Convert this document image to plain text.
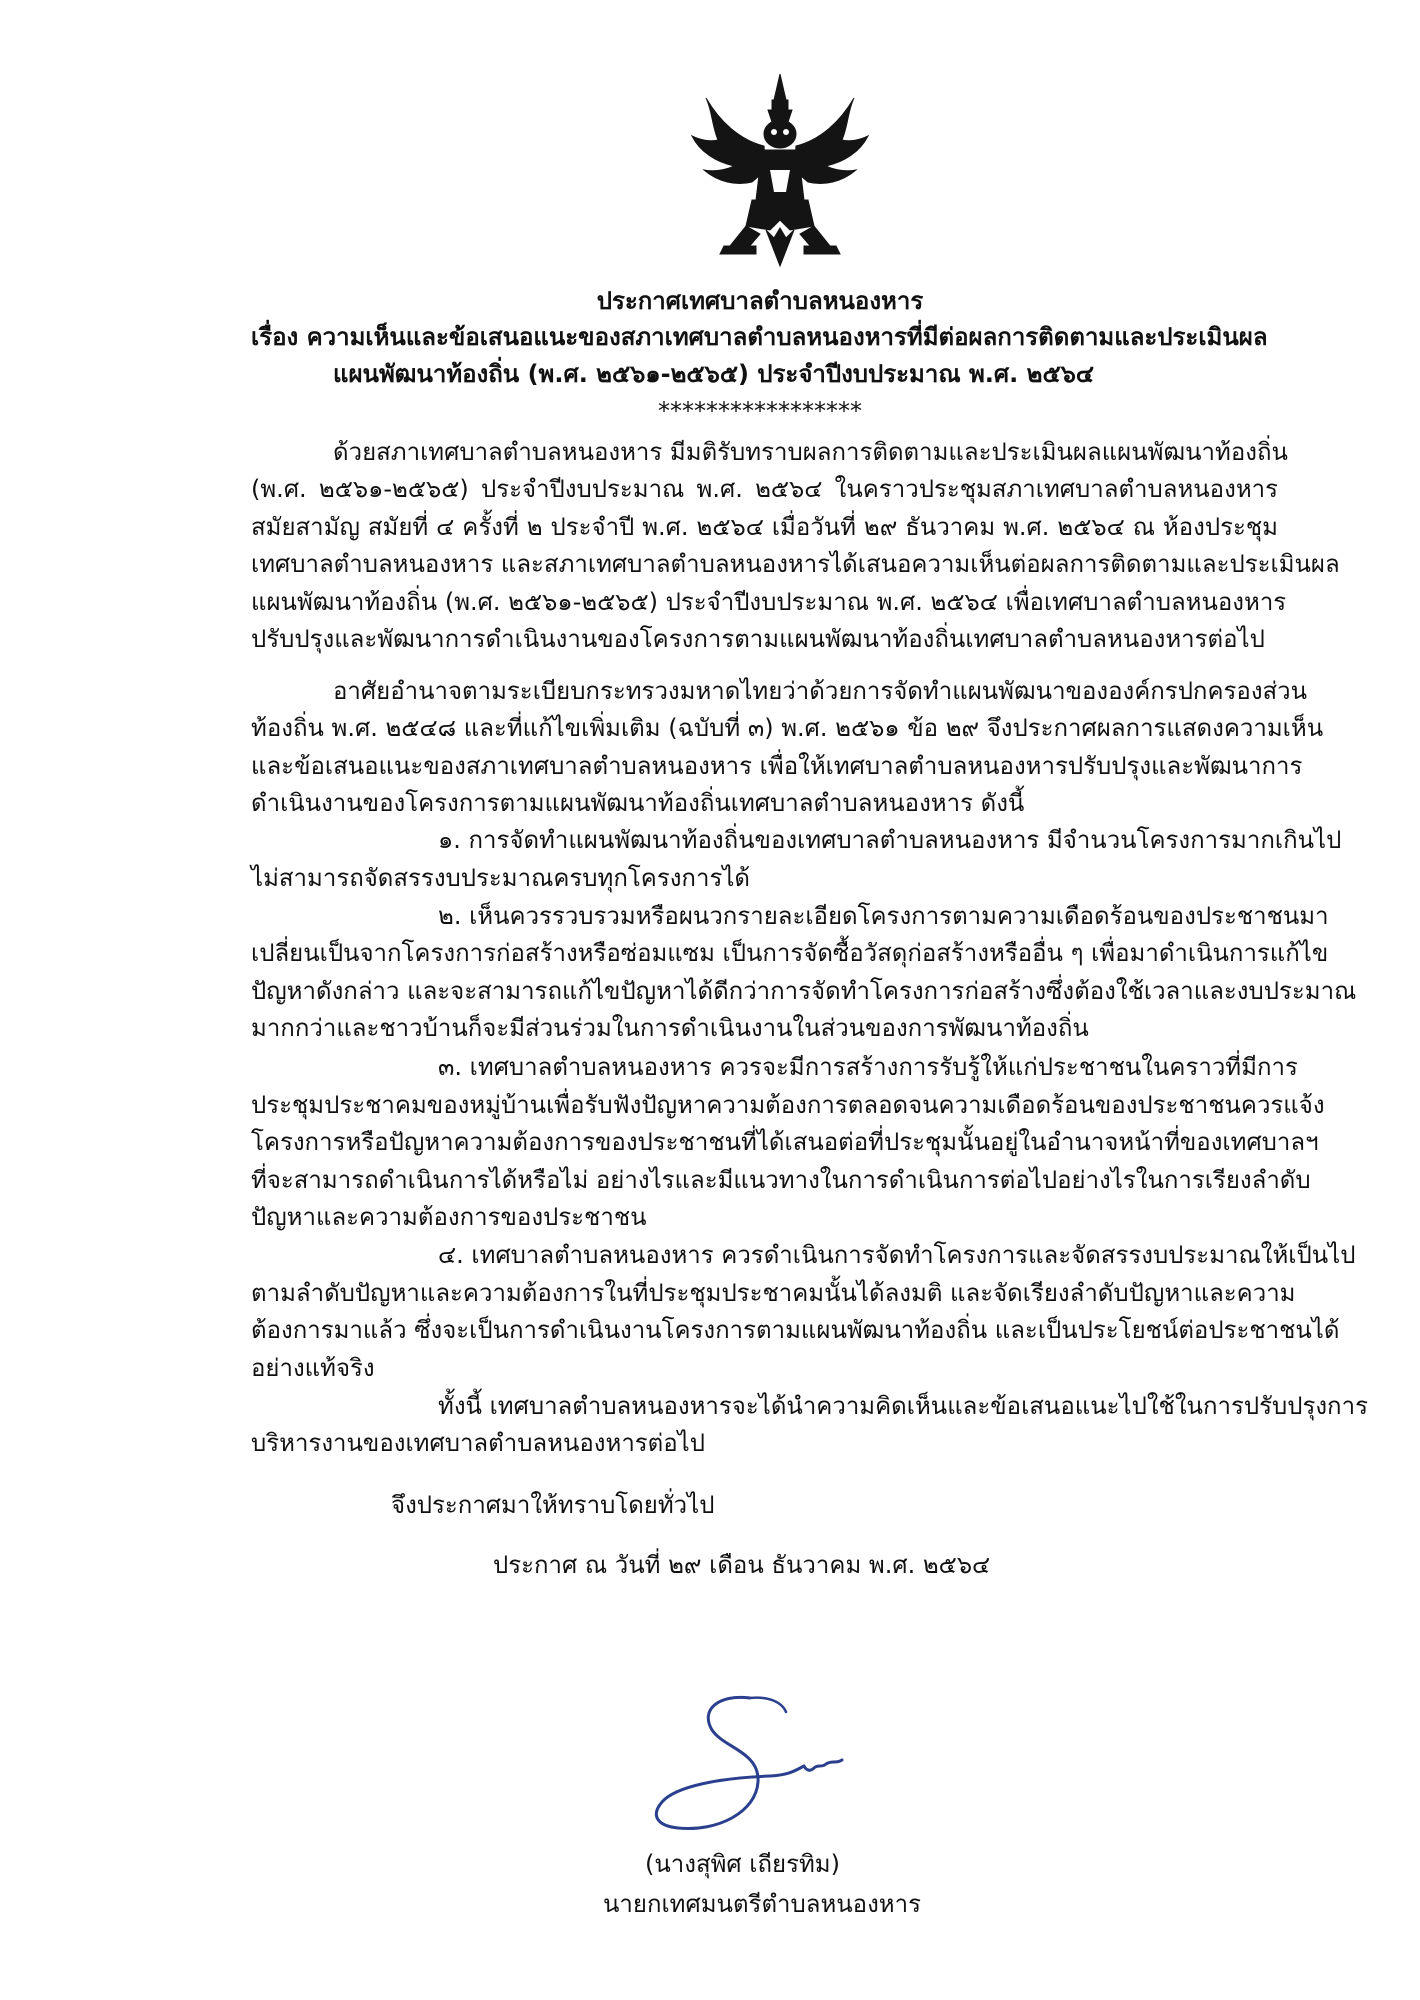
ประกาศเทศบาลตำบลหนองหาร
เรื่อง ความเห็นและข้อเสนอแนะของสภาเทศบาลตำบลหนองหารที่มีต่อผลการติดตามและประเมินผล
แผนพัฒนาท้องถิ่น (พ.ศ. ๒๕๖๑-๒๕๖๕) ประจำปีงบประมาณ พ.ศ. ๒๕๖๔
*****************
ด้วยสภาเทศบาลตำบลหนองหาร มีมติรับทราบผลการติดตามและประเมินผลแผนพัฒนาท้องถิ่น
(พ.ศ. ๒๕๖๑-๒๕๖๕) ประจำปีงบประมาณ พ.ศ. ๒๕๖๔ ในคราวประชุมสภาเทศบาลตำบลหนองหาร
สมัยสามัญ สมัยที่ ๔ ครั้งที่ ๒ ประจำปี พ.ศ. ๒๕๖๔ เมื่อวันที่ ๒๙ ธันวาคม พ.ศ. ๒๕๖๔ ณ ห้องประชุม
เทศบาลตำบลหนองหาร และสภาเทศบาลตำบลหนองหารได้เสนอความเห็นต่อผลการติดตามและประเมินผล
แผนพัฒนาท้องถิ่น (พ.ศ. ๒๕๖๑-๒๕๖๕) ประจำปีงบประมาณ พ.ศ. ๒๕๖๔ เพื่อเทศบาลตำบลหนองหาร
ปรับปรุงและพัฒนาการดำเนินงานของโครงการตามแผนพัฒนาท้องถิ่นเทศบาลตำบลหนองหารต่อไป
อาศัยอำนาจตามระเบียบกระทรวงมหาดไทยว่าด้วยการจัดทำแผนพัฒนาขององค์กรปกครองส่วน
ท้องถิ่น พ.ศ. ๒๕๔๘ และที่แก้ไขเพิ่มเติม (ฉบับที่ ๓) พ.ศ. ๒๕๖๑ ข้อ ๒๙ จึงประกาศผลการแสดงความเห็น
และข้อเสนอแนะของสภาเทศบาลตำบลหนองหาร เพื่อให้เทศบาลตำบลหนองหารปรับปรุงและพัฒนาการ
ดำเนินงานของโครงการตามแผนพัฒนาท้องถิ่นเทศบาลตำบลหนองหาร ดังนี้
๑. การจัดทำแผนพัฒนาท้องถิ่นของเทศบาลตำบลหนองหาร มีจำนวนโครงการมากเกินไป
ไม่สามารถจัดสรรงบประมาณครบทุกโครงการได้
๒. เห็นควรรวบรวมหรือผนวกรายละเอียดโครงการตามความเดือดร้อนของประชาชนมา
เปลี่ยนเป็นจากโครงการก่อสร้างหรือซ่อมแซม เป็นการจัดซื้อวัสดุก่อสร้างหรืออื่น ๆ เพื่อมาดำเนินการแก้ไข
ปัญหาดังกล่าว และจะสามารถแก้ไขปัญหาได้ดีกว่าการจัดทำโครงการก่อสร้างซึ่งต้องใช้เวลาและงบประมาณ
มากกว่าและชาวบ้านก็จะมีส่วนร่วมในการดำเนินงานในส่วนของการพัฒนาท้องถิ่น
๓. เทศบาลตำบลหนองหาร ควรจะมีการสร้างการรับรู้ให้แก่ประชาชนในคราวที่มีการ
ประชุมประชาคมของหมู่บ้านเพื่อรับฟังปัญหาความต้องการตลอดจนความเดือดร้อนของประชาชนควรแจ้ง
โครงการหรือปัญหาความต้องการของประชาชนที่ได้เสนอต่อที่ประชุมนั้นอยู่ในอำนาจหน้าที่ของเทศบาลฯ
ที่จะสามารถดำเนินการได้หรือไม่ อย่างไรและมีแนวทางในการดำเนินการต่อไปอย่างไรในการเรียงลำดับ
ปัญหาและความต้องการของประชาชน
๔. เทศบาลตำบลหนองหาร ควรดำเนินการจัดทำโครงการและจัดสรรงบประมาณให้เป็นไป
ตามลำดับปัญหาและความต้องการในที่ประชุมประชาคมนั้นได้ลงมติ และจัดเรียงลำดับปัญหาและความ
ต้องการมาแล้ว ซึ่งจะเป็นการดำเนินงานโครงการตามแผนพัฒนาท้องถิ่น และเป็นประโยชน์ต่อประชาชนได้
อย่างแท้จริง
ทั้งนี้ เทศบาลตำบลหนองหารจะได้นำความคิดเห็นและข้อเสนอแนะไปใช้ในการปรับปรุงการ
บริหารงานของเทศบาลตำบลหนองหารต่อไป
จึงประกาศมาให้ทราบโดยทั่วไป
ประกาศ ณ วันที่ ๒๙ เดือน ธันวาคม พ.ศ. ๒๕๖๔
(นางสุพิศ เถียรทิม)
นายกเทศมนตรีตำบลหนองหาร
